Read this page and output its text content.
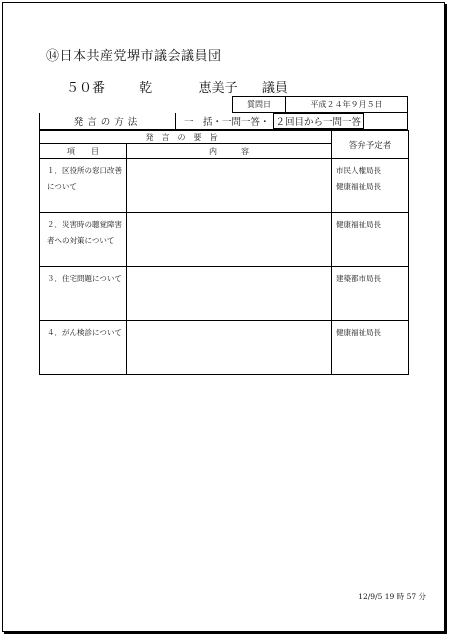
⑭日本共産党堺市議会議員団
５０番	乾	恵美子 議員
質問日	平成２４年９月５日
発言の方法	一　括・一問一答・ ２回目から一問一答
発言の要旨		答弁予定者
項　　目	内　　　容	
１．区役所の窓口改善について		市民人権局長
健康福祉局長
２．災害時の聴覚障害者への対策について		健康福祉局長
３．住宅問題について		建築都市局長
４．がん検診について		健康福祉局長
12/9/5 19 時 57 分
